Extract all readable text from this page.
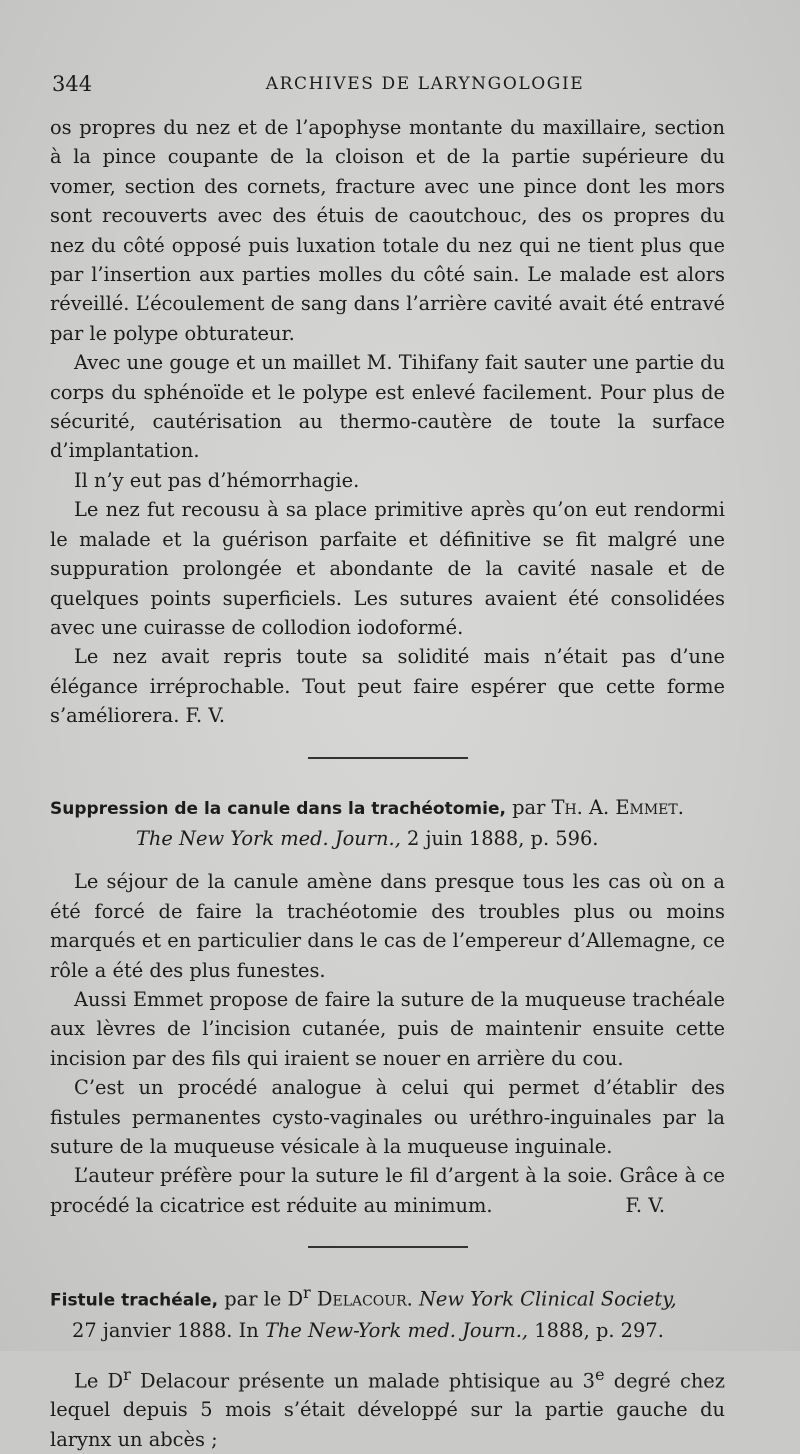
344	ARCHIVES DE LARYNGOLOGIE

os propres du nez et de l’apophyse montante du maxillaire, section à la pince coupante de la cloison et de la partie supérieure du vomer, section des cornets, fracture avec une pince dont les mors sont recouverts avec des étuis de caoutchouc, des os propres du nez du côté opposé puis luxation totale du nez qui ne tient plus que par l’insertion aux parties molles du côté sain. Le malade est alors réveillé. L’écoulement de sang dans l’arrière cavité avait été entravé par le polype obturateur.

Avec une gouge et un maillet M. Tihifany fait sauter une partie du corps du sphénoïde et le polype est enlevé facilement. Pour plus de sécurité, cautérisation au thermo-cautère de toute la surface d’implantation.

Il n’y eut pas d’hémorrhagie.

Le nez fut recousu à sa place primitive après qu’on eut rendormi le malade et la guérison parfaite et définitive se fit malgré une suppuration prolongée et abondante de la cavité nasale et de quelques points superficiels. Les sutures avaient été consolidées avec une cuirasse de collodion iodoformé.

Le nez avait repris toute sa solidité mais n’était pas d’une élégance irréprochable. Tout peut faire espérer que cette forme s’améliorera. F. V.

Suppression de la canule dans la trachéotomie, par Th. A. Emmet.
The New York med. Journ., 2 juin 1888, p. 596.

Le séjour de la canule amène dans presque tous les cas où on a été forcé de faire la trachéotomie des troubles plus ou moins marqués et en particulier dans le cas de l’empereur d’Allemagne, ce rôle a été des plus funestes.

Aussi Emmet propose de faire la suture de la muqueuse trachéale aux lèvres de l’incision cutanée, puis de maintenir ensuite cette incision par des fils qui iraient se nouer en arrière du cou.

C’est un procédé analogue à celui qui permet d’établir des fistules permanentes cysto-vaginales ou uréthro-inguinales par la suture de la muqueuse vésicale à la muqueuse inguinale.

L’auteur préfère pour la suture le fil d’argent à la soie. Grâce à ce procédé la cicatrice est réduite au minimum.	F. V.

Fistule trachéale, par le $D^r$ Delacour. New York Clinical Society,
27 janvier 1888. In The New-York med. Journ., 1888, p. 297.

Le $D^r$ Delacour présente un malade phtisique au 3e degré chez lequel depuis 5 mois s’était développé sur la partie gauche du larynx un abcès ;
